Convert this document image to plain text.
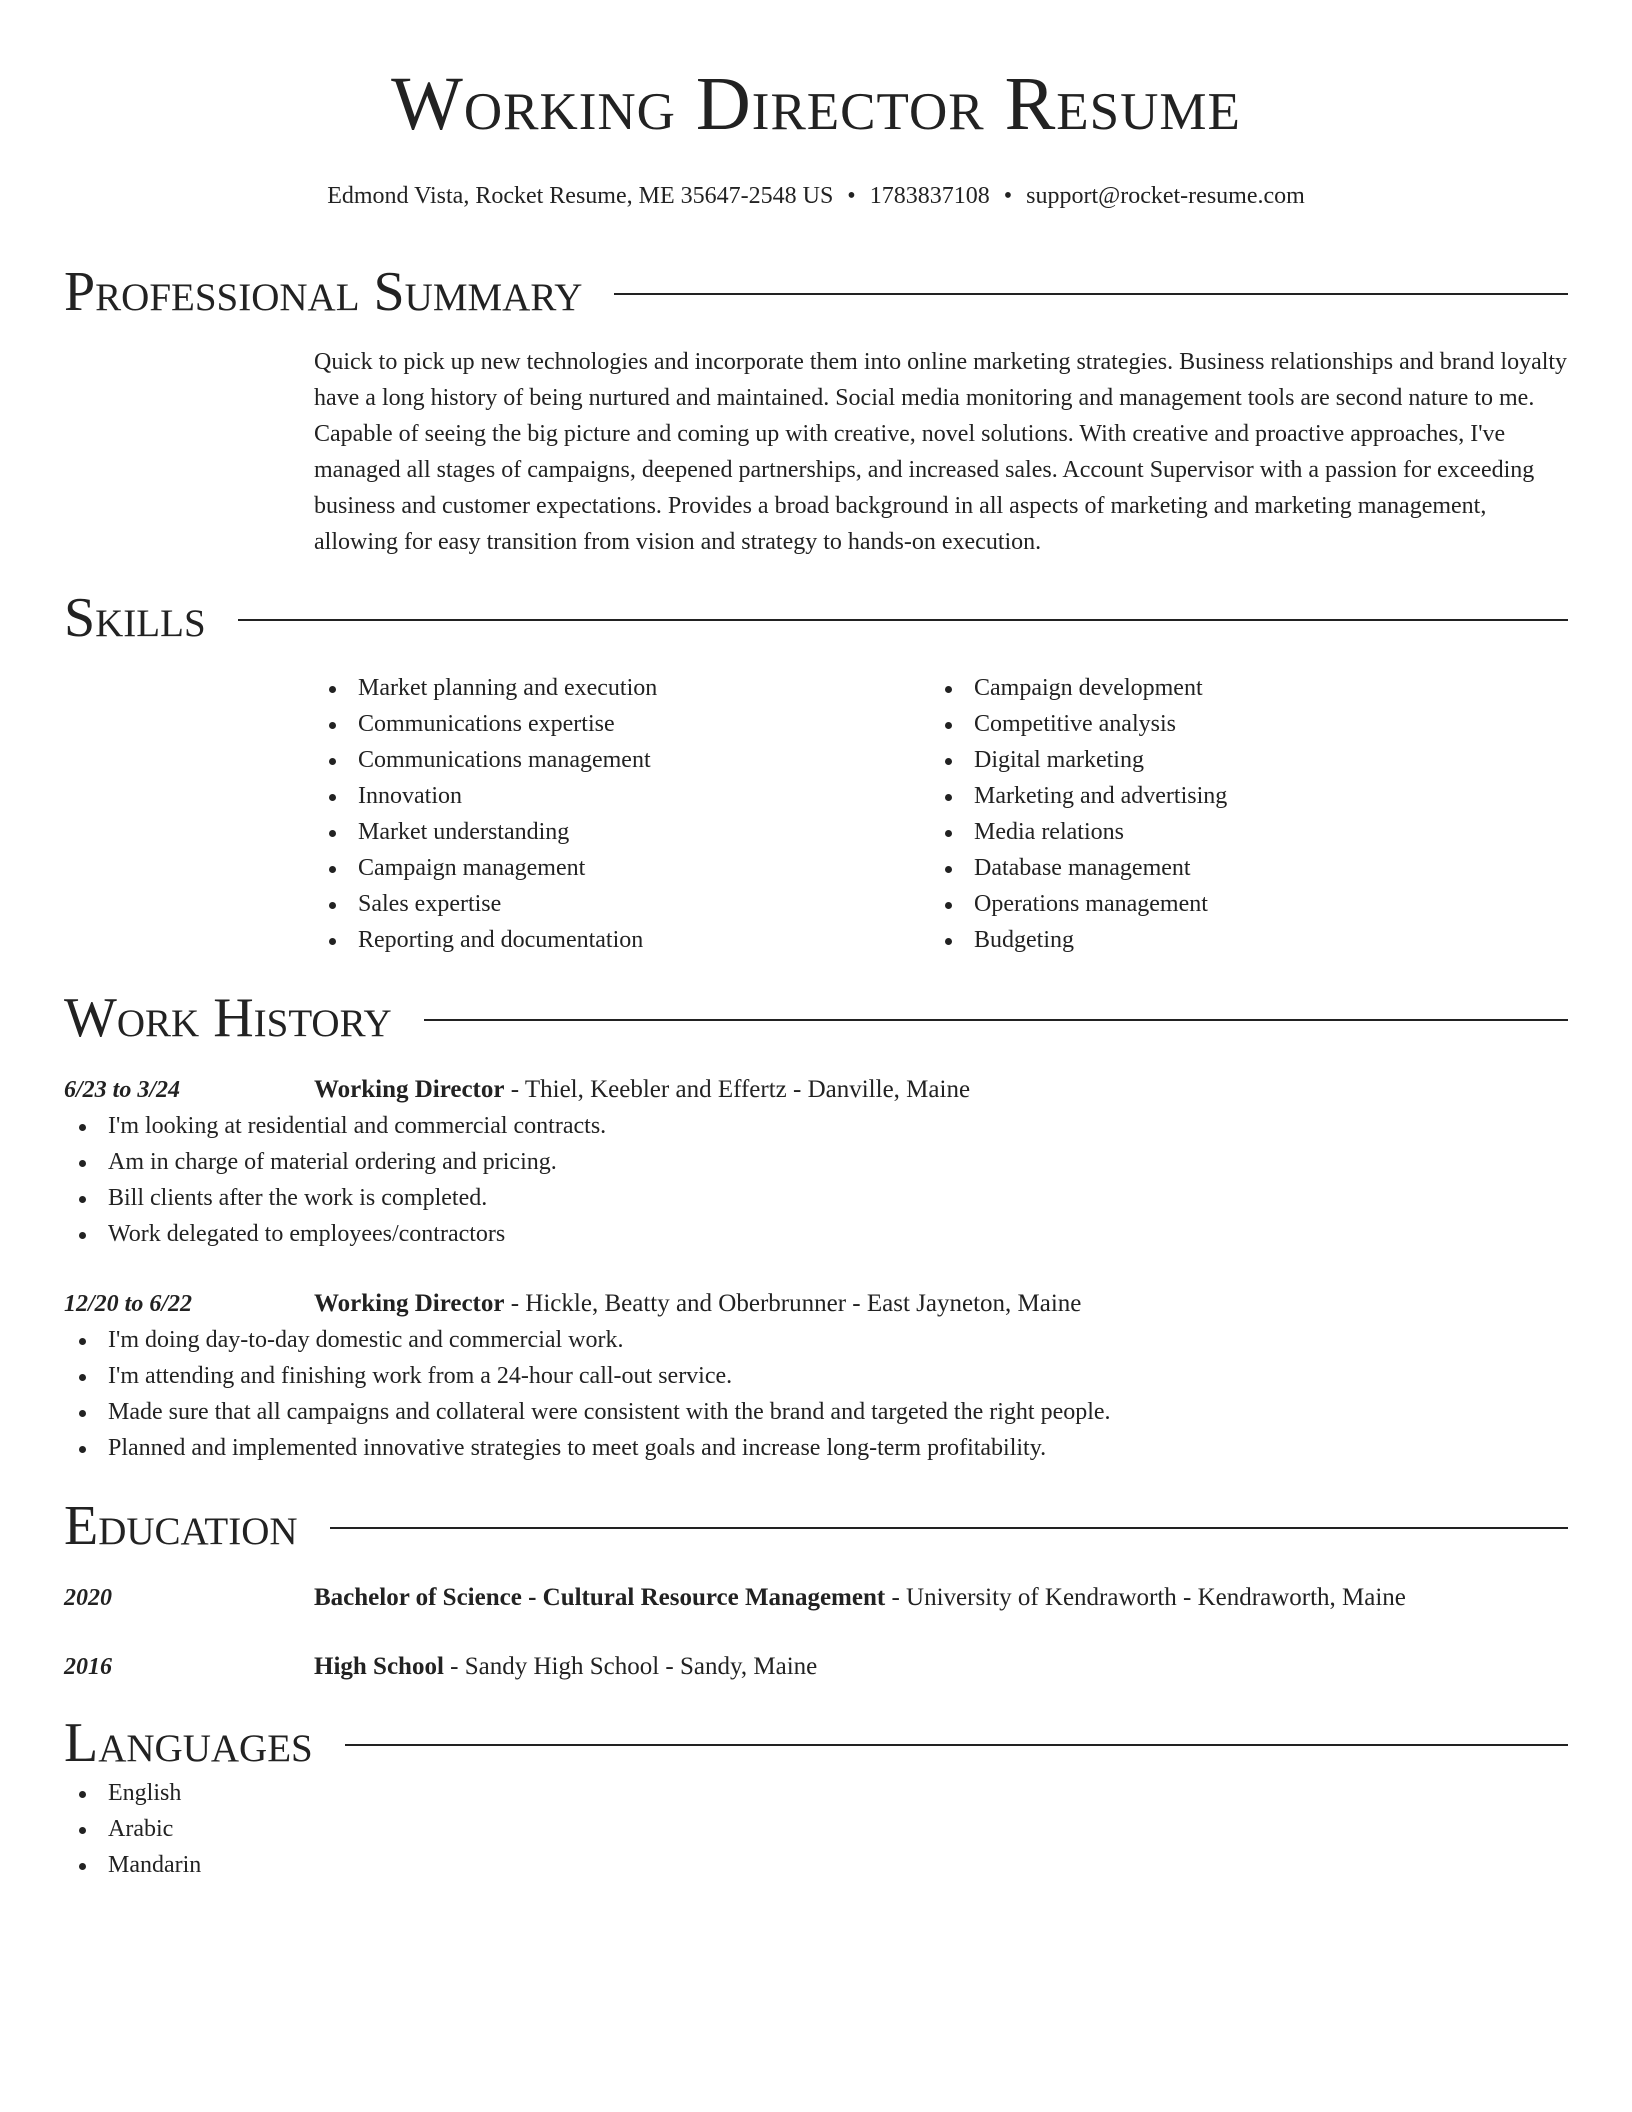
Working Director Resume
Edmond Vista, Rocket Resume, ME 35647-2548 US • 1783837108 • support@rocket-resume.com
Professional Summary
Quick to pick up new technologies and incorporate them into online marketing strategies. Business relationships and brand loyalty have a long history of being nurtured and maintained. Social media monitoring and management tools are second nature to me. Capable of seeing the big picture and coming up with creative, novel solutions. With creative and proactive approaches, I've managed all stages of campaigns, deepened partnerships, and increased sales. Account Supervisor with a passion for exceeding business and customer expectations. Provides a broad background in all aspects of marketing and marketing management, allowing for easy transition from vision and strategy to hands-on execution.
Skills
Market planning and execution
Communications expertise
Communications management
Innovation
Market understanding
Campaign management
Sales expertise
Reporting and documentation
Campaign development
Competitive analysis
Digital marketing
Marketing and advertising
Media relations
Database management
Operations management
Budgeting
Work History
6/23 to 3/24	Working Director - Thiel, Keebler and Effertz - Danville, Maine
I'm looking at residential and commercial contracts.
Am in charge of material ordering and pricing.
Bill clients after the work is completed.
Work delegated to employees/contractors
12/20 to 6/22	Working Director - Hickle, Beatty and Oberbrunner - East Jayneton, Maine
I'm doing day-to-day domestic and commercial work.
I'm attending and finishing work from a 24-hour call-out service.
Made sure that all campaigns and collateral were consistent with the brand and targeted the right people.
Planned and implemented innovative strategies to meet goals and increase long-term profitability.
Education
2020	Bachelor of Science - Cultural Resource Management - University of Kendraworth - Kendraworth, Maine
2016	High School - Sandy High School - Sandy, Maine
Languages
English
Arabic
Mandarin
